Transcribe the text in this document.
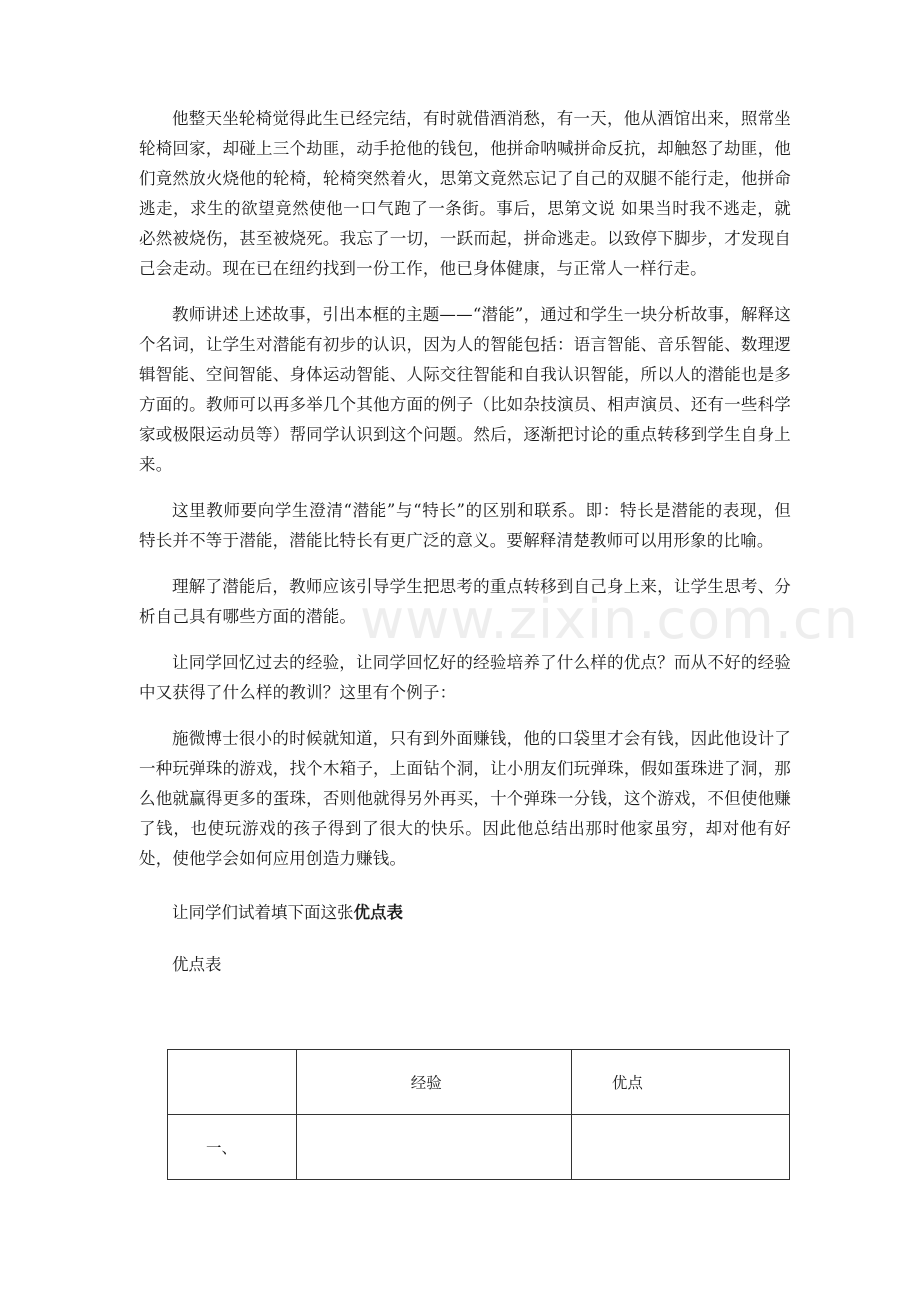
他整天坐轮椅觉得此生已经完结，有时就借酒消愁，有一天，他从酒馆出来，照常坐轮椅回家，却碰上三个劫匪，动手抢他的钱包，他拼命呐喊拼命反抗，却触怒了劫匪，他们竟然放火烧他的轮椅，轮椅突然着火，思第文竟然忘记了自己的双腿不能行走，他拼命逃走，求生的欲望竟然使他一口气跑了一条街。事后，思第文说 如果当时我不逃走，就必然被烧伤，甚至被烧死。我忘了一切，一跃而起，拼命逃走。以致停下脚步，才发现自己会走动。现在已在纽约找到一份工作，他已身体健康，与正常人一样行走。

教师讲述上述故事，引出本框的主题——“潜能”，通过和学生一块分析故事，解释这个名词，让学生对潜能有初步的认识，因为人的智能包括：语言智能、音乐智能、数理逻辑智能、空间智能、身体运动智能、人际交往智能和自我认识智能，所以人的潜能也是多方面的。教师可以再多举几个其他方面的例子（比如杂技演员、相声演员、还有一些科学家或极限运动员等）帮同学认识到这个问题。然后，逐渐把讨论的重点转移到学生自身上来。

这里教师要向学生澄清“潜能”与“特长”的区别和联系。即：特长是潜能的表现，但特长并不等于潜能，潜能比特长有更广泛的意义。要解释清楚教师可以用形象的比喻。

理解了潜能后，教师应该引导学生把思考的重点转移到自己身上来，让学生思考、分析自己具有哪些方面的潜能。

让同学回忆过去的经验，让同学回忆好的经验培养了什么样的优点？而从不好的经验中又获得了什么样的教训？这里有个例子：

施微博士很小的时候就知道，只有到外面赚钱，他的口袋里才会有钱，因此他设计了一种玩弹珠的游戏，找个木箱子，上面钻个洞，让小朋友们玩弹珠，假如蛋珠进了洞，那么他就赢得更多的蛋珠，否则他就得另外再买，十个弹珠一分钱，这个游戏，不但使他赚了钱，也使玩游戏的孩子得到了很大的快乐。因此他总结出那时他家虽穷，却对他有好处，使他学会如何应用创造力赚钱。

让同学们试着填下面这张优点表

优点表

www.zixin.com.cn
	经验	优点
一、		
